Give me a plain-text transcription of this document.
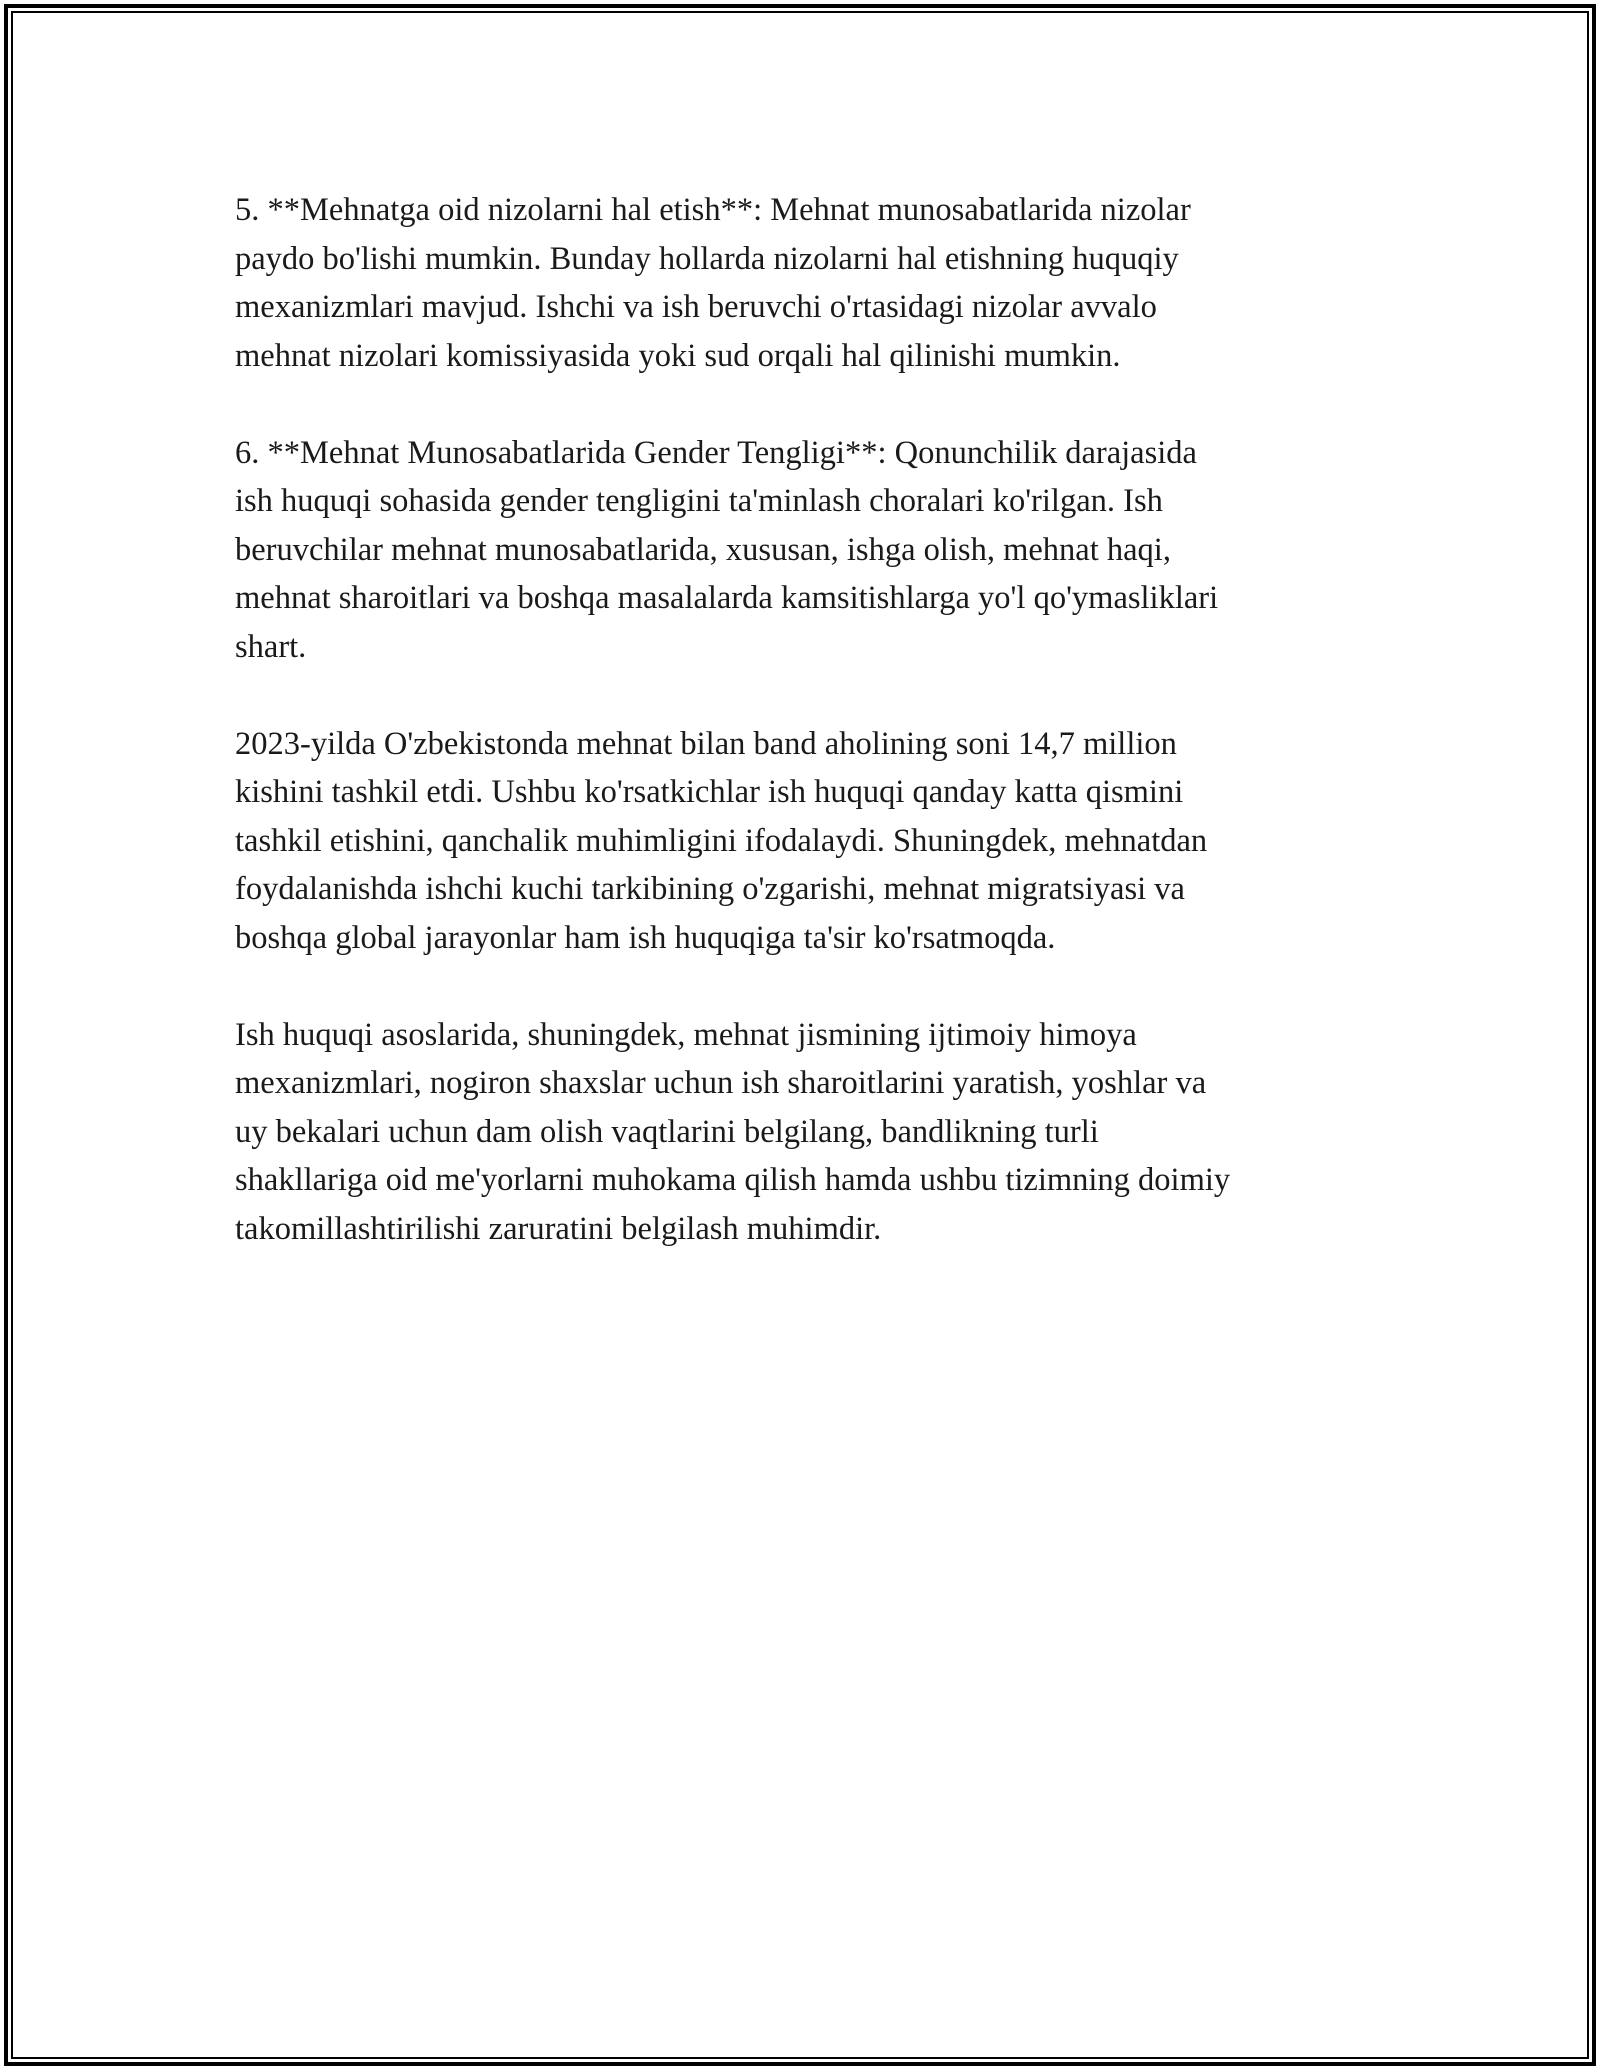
5. **Mehnatga oid nizolarni hal etish**: Mehnat munosabatlarida nizolar
paydo bo'lishi mumkin. Bunday hollarda nizolarni hal etishning huquqiy
mexanizmlari mavjud. Ishchi va ish beruvchi o'rtasidagi nizolar avvalo
mehnat nizolari komissiyasida yoki sud orqali hal qilinishi mumkin.

6. **Mehnat Munosabatlarida Gender Tengligi**: Qonunchilik darajasida
ish huquqi sohasida gender tengligini ta'minlash choralari ko'rilgan. Ish
beruvchilar mehnat munosabatlarida, xususan, ishga olish, mehnat haqi,
mehnat sharoitlari va boshqa masalalarda kamsitishlarga yo'l qo'ymasliklari
shart.

2023-yilda O'zbekistonda mehnat bilan band aholining soni 14,7 million
kishini tashkil etdi. Ushbu ko'rsatkichlar ish huquqi qanday katta qismini
tashkil etishini, qanchalik muhimligini ifodalaydi. Shuningdek, mehnatdan
foydalanishda ishchi kuchi tarkibining o'zgarishi, mehnat migratsiyasi va
boshqa global jarayonlar ham ish huquqiga ta'sir ko'rsatmoqda.

Ish huquqi asoslarida, shuningdek, mehnat jismining ijtimoiy himoya
mexanizmlari, nogiron shaxslar uchun ish sharoitlarini yaratish, yoshlar va
uy bekalari uchun dam olish vaqtlarini belgilang, bandlikning turli
shakllariga oid me'yorlarni muhokama qilish hamda ushbu tizimning doimiy
takomillashtirilishi zaruratini belgilash muhimdir.
